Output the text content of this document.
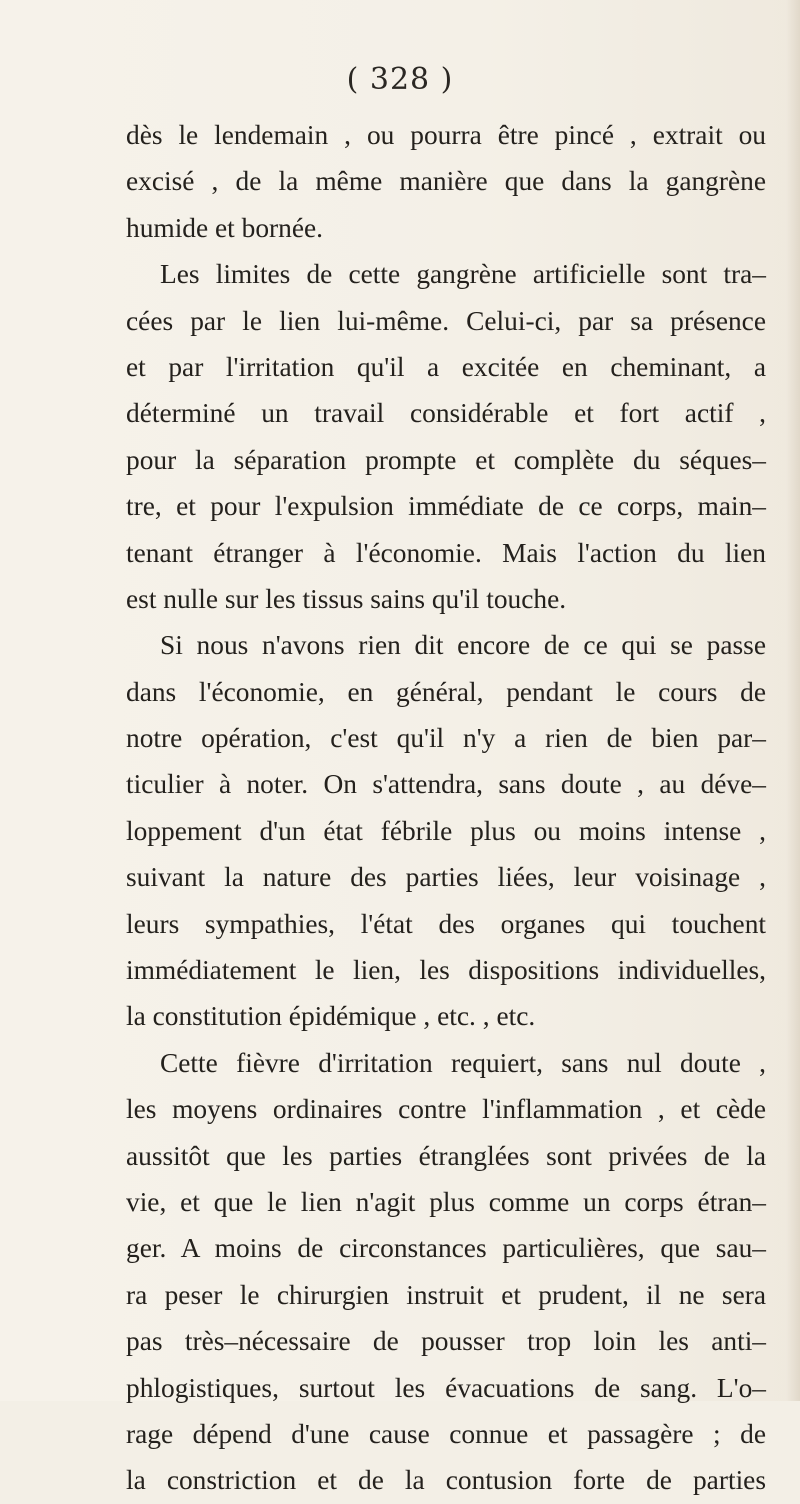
( 328 )
dès le lendemain , ou pourra être pincé , extrait ou
excisé , de la même manière que dans la gangrène
humide et bornée.
Les limites de cette gangrène artificielle sont tra–
cées par le lien lui-même. Celui-ci, par sa présence
et par l'irritation qu'il a excitée en cheminant, a
déterminé un travail considérable et fort actif ,
pour la séparation prompte et complète du séques–
tre, et pour l'expulsion immédiate de ce corps, main–
tenant étranger à l'économie. Mais l'action du lien
est nulle sur les tissus sains qu'il touche.
Si nous n'avons rien dit encore de ce qui se passe
dans l'économie, en général, pendant le cours de
notre opération, c'est qu'il n'y a rien de bien par–
ticulier à noter. On s'attendra, sans doute , au déve–
loppement d'un état fébrile plus ou moins intense ,
suivant la nature des parties liées, leur voisinage ,
leurs sympathies, l'état des organes qui touchent
immédiatement le lien, les dispositions individuelles,
la constitution épidémique , etc. , etc.
Cette fièvre d'irritation requiert, sans nul doute ,
les moyens ordinaires contre l'inflammation , et cède
aussitôt que les parties étranglées sont privées de la
vie, et que le lien n'agit plus comme un corps étran–
ger. A moins de circonstances particulières, que sau–
ra peser le chirurgien instruit et prudent, il ne sera
pas très–nécessaire de pousser trop loin les anti–
phlogistiques, surtout les évacuations de sang. L'o–
rage dépend d'une cause connue et passagère ; de
la constriction et de la contusion forte de parties
